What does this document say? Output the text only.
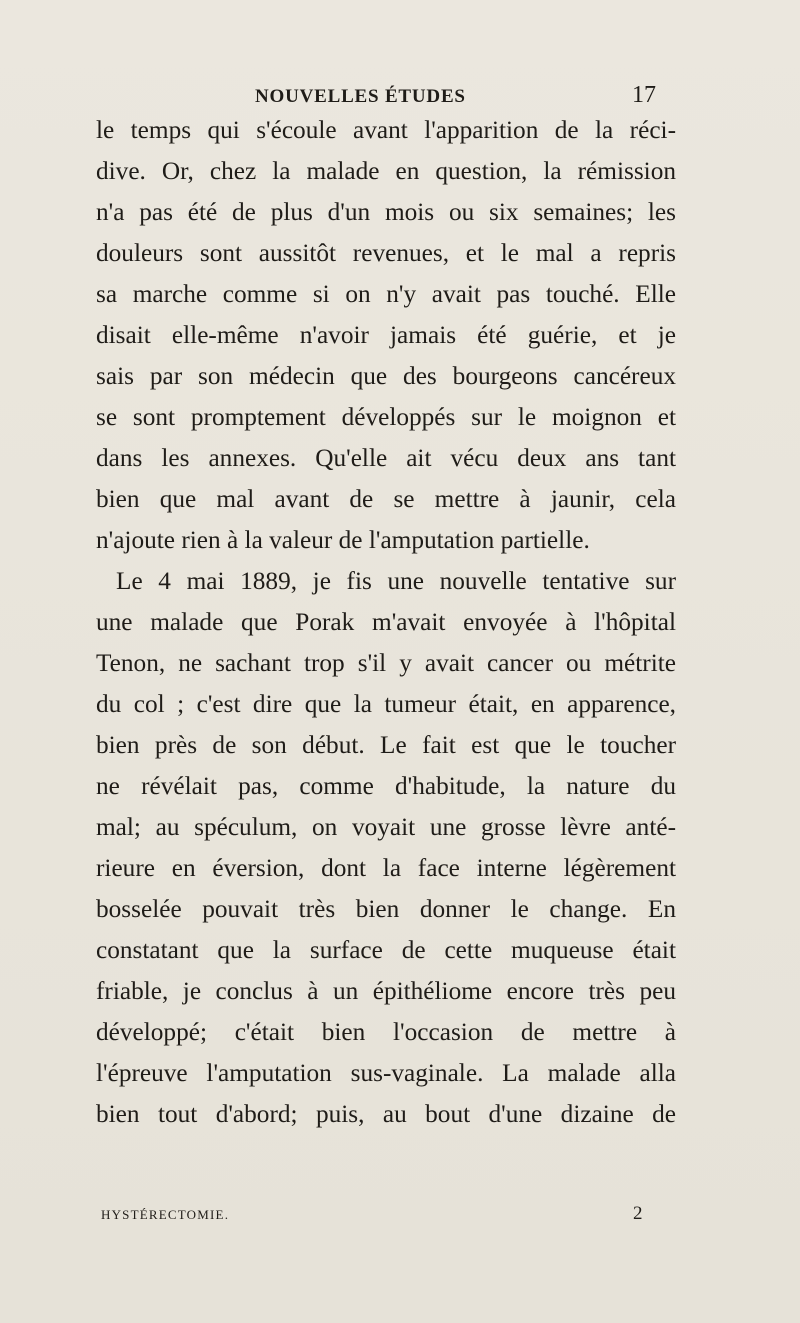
NOUVELLES ÉTUDES	17
le temps qui s'écoule avant l'apparition de la réci-
dive. Or, chez la malade en question, la rémission
n'a pas été de plus d'un mois ou six semaines; les
douleurs sont aussitôt revenues, et le mal a repris
sa marche comme si on n'y avait pas touché. Elle
disait elle-même n'avoir jamais été guérie, et je
sais par son médecin que des bourgeons cancéreux
se sont promptement développés sur le moignon et
dans les annexes. Qu'elle ait vécu deux ans tant
bien que mal avant de se mettre à jaunir, cela
n'ajoute rien à la valeur de l'amputation partielle.
Le 4 mai 1889, je fis une nouvelle tentative sur
une malade que Porak m'avait envoyée à l'hôpital
Tenon, ne sachant trop s'il y avait cancer ou métrite
du col ; c'est dire que la tumeur était, en apparence,
bien près de son début. Le fait est que le toucher
ne révélait pas, comme d'habitude, la nature du
mal; au spéculum, on voyait une grosse lèvre anté-
rieure en éversion, dont la face interne légèrement
bosselée pouvait très bien donner le change. En
constatant que la surface de cette muqueuse était
friable, je conclus à un épithéliome encore très peu
développé; c'était bien l'occasion de mettre à
l'épreuve l'amputation sus-vaginale. La malade alla
bien tout d'abord; puis, au bout d'une dizaine de
HYSTÉRECTOMIE.	2
